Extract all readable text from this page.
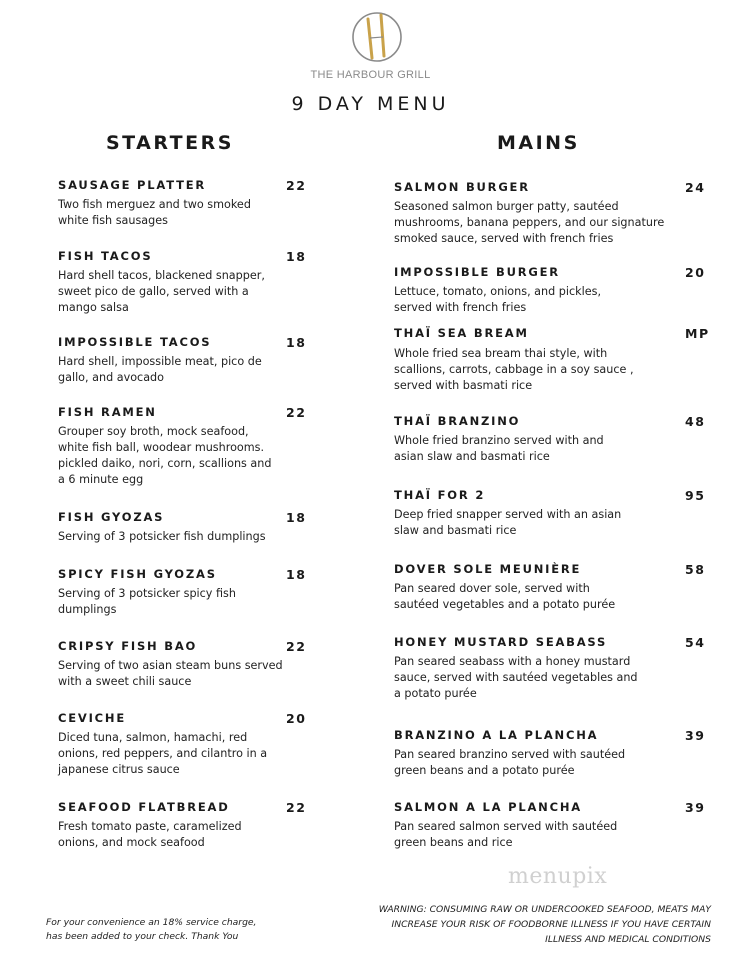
THE HARBOUR GRILL
9 DAY MENU
STARTERS	MAINS
SAUSAGE PLATTER	22
Two fish merguez and two smoked
white fish sausages
FISH TACOS	18
Hard shell tacos, blackened snapper,
sweet pico de gallo, served with a
mango salsa
IMPOSSIBLE TACOS	18
Hard shell, impossible meat, pico de
gallo, and avocado
FISH RAMEN	22
Grouper soy broth, mock seafood,
white fish ball, woodear mushrooms.
pickled daiko, nori, corn, scallions and
a 6 minute egg
FISH GYOZAS	18
Serving of 3 potsicker fish dumplings
SPICY FISH GYOZAS	18
Serving of 3 potsicker spicy fish
dumplings
CRIPSY FISH BAO	22
Serving of two asian steam buns served
with a sweet chili sauce
CEVICHE	20
Diced tuna, salmon, hamachi, red
onions, red peppers, and cilantro in a
japanese citrus sauce
SEAFOOD FLATBREAD	22
Fresh tomato paste, caramelized
onions, and mock seafood
SALMON BURGER	24
Seasoned salmon burger patty, sautéed
mushrooms, banana peppers, and our signature
smoked sauce, served with french fries
IMPOSSIBLE BURGER	20
Lettuce, tomato, onions, and pickles,
served with french fries
THAÏ SEA BREAM	MP
Whole fried sea bream thai style, with
scallions, carrots, cabbage in a soy sauce ,
served with basmati rice
THAÏ BRANZINO	48
Whole fried branzino served with and
asian slaw and basmati rice
THAÏ FOR 2	95
Deep fried snapper served with an asian
slaw and basmati rice
DOVER SOLE MEUNIÈRE	58
Pan seared dover sole, served with
sautéed vegetables and a potato purée
HONEY MUSTARD SEABASS	54
Pan seared seabass with a honey mustard
sauce, served with sautéed vegetables and
a potato purée
BRANZINO A LA PLANCHA	39
Pan seared branzino served with sautéed
green beans and a potato purée
SALMON A LA PLANCHA	39
Pan seared salmon served with sautéed
green beans and rice
menupix
For your convenience an 18% service charge,
has been added to your check. Thank You
WARNING: CONSUMING RAW OR UNDERCOOKED SEAFOOD, MEATS MAY
INCREASE YOUR RISK OF FOODBORNE ILLNESS IF YOU HAVE CERTAIN
ILLNESS AND MEDICAL CONDITIONS
